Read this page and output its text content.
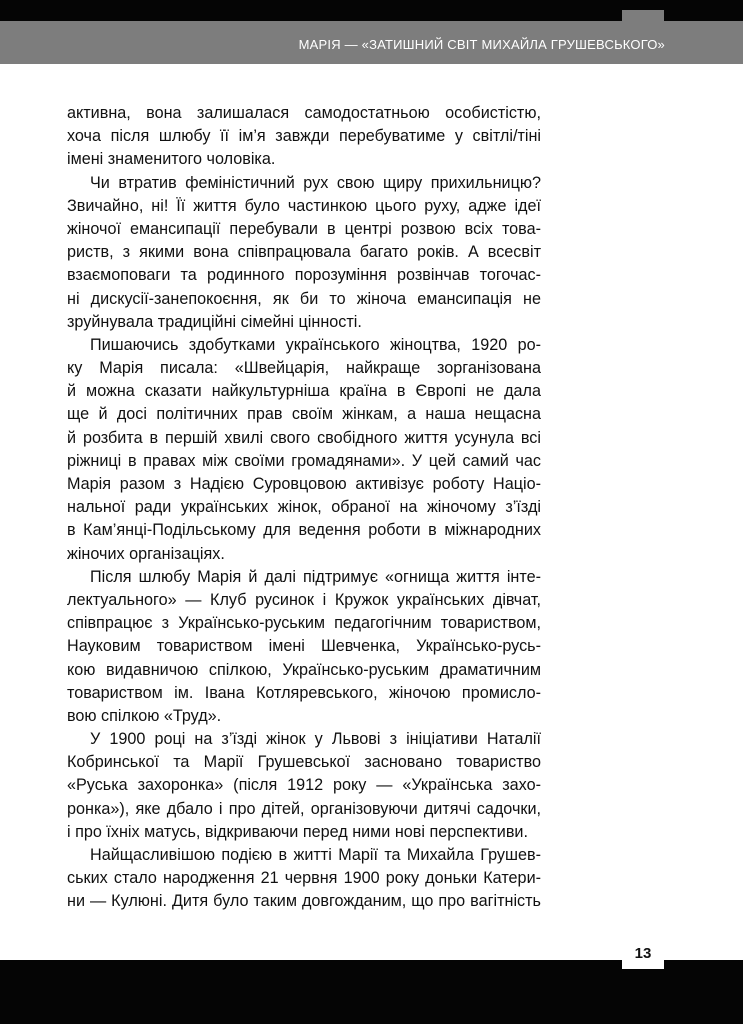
МАРІЯ — «ЗАТИШНИЙ СВІТ МИХАЙЛА ГРУШЕВСЬКОГО»
активна, вона залишалася самодостатньою особистістю,
хоча після шлюбу її ім’я завжди перебуватиме у світлі/тіні
імені знаменитого чоловіка.
Чи втратив феміністичний рух свою щиру прихильницю?
Звичайно, ні! Її життя було частинкою цього руху, адже ідеї
жіночої емансипації перебували в центрі розвою всіх това-
риств, з якими вона співпрацювала багато років. А всесвіт
взаємоповаги та родинного порозуміння розвінчав тогочас-
ні дискусії-занепокоєння, як би то жіноча емансипація не
зруйнувала традиційні сімейні цінності.
Пишаючись здобутками українського жіноцтва, 1920 ро-
ку Марія писала: «Швейцарія, найкраще зорганізована
й можна сказати найкультурніша країна в Європі не дала
ще й досі політичних прав своїм жінкам, а наша нещасна
й розбита в першій хвилі свого свобідного життя усунула всі
ріжниці в правах між своїми громадянами». У цей самий час
Марія разом з Надією Суровцовою активізує роботу Націо-
нальної ради українських жінок, обраної на жіночому з’їзді
в Кам’янці-Подільському для ведення роботи в міжнародних
жіночих організаціях.
Після шлюбу Марія й далі підтримує «огнища життя інте-
лектуального» — Клуб русинок і Кружок українських дівчат,
співпрацює з Українсько-руським педагогічним товариством,
Науковим товариством імені Шевченка, Українсько-русь-
кою видавничою спілкою, Українсько-руським драматичним
товариством ім. Івана Котляревського, жіночою промисло-
вою спілкою «Труд».
У 1900 році на з’їзді жінок у Львові з ініціативи Наталії
Кобринської та Марії Грушевської засновано товариство
«Руська захоронка» (після 1912 року — «Українська захо-
ронка»), яке дбало і про дітей, організовуючи дитячі садочки,
і про їхніх матусь, відкриваючи перед ними нові перспективи.
Найщасливішою подією в житті Марії та Михайла Грушев-
ських стало народження 21 червня 1900 року доньки Катери-
ни — Кулюні. Дитя було таким довгожданим, що про вагітність
13
